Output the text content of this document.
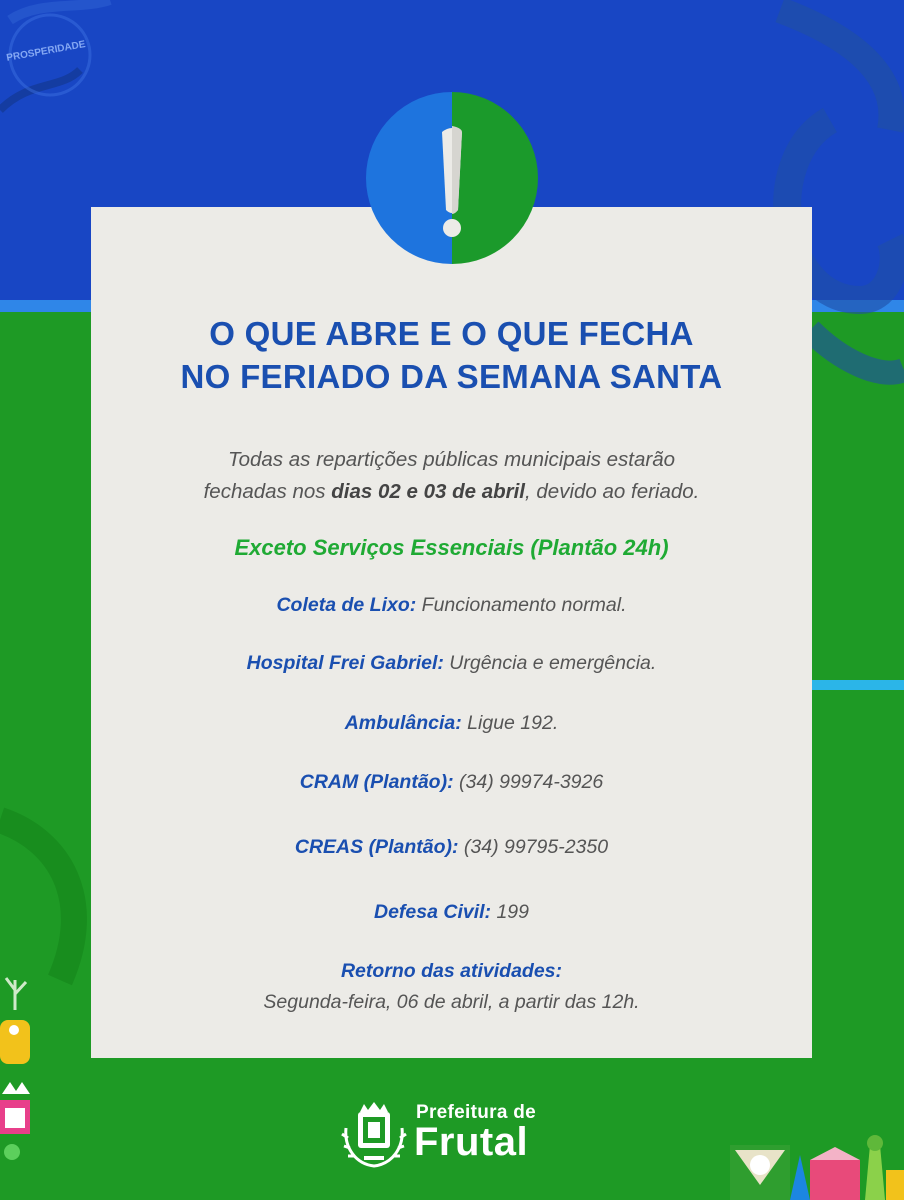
PROSPERIDADE
O QUE ABRE E O QUE FECHA
NO FERIADO DA SEMANA SANTA
Todas as repartições públicas municipais estarão
fechadas nos dias 02 e 03 de abril, devido ao feriado.
Exceto Serviços Essenciais (Plantão 24h)
Coleta de Lixo: Funcionamento normal.
Hospital Frei Gabriel: Urgência e emergência.
Ambulância: Ligue 192.
CRAM (Plantão): (34) 99974-3926
CREAS (Plantão): (34) 99795-2350
Defesa Civil: 199
Retorno das atividades:
Segunda-feira, 06 de abril, a partir das 12h.
Prefeitura de
Frutal
